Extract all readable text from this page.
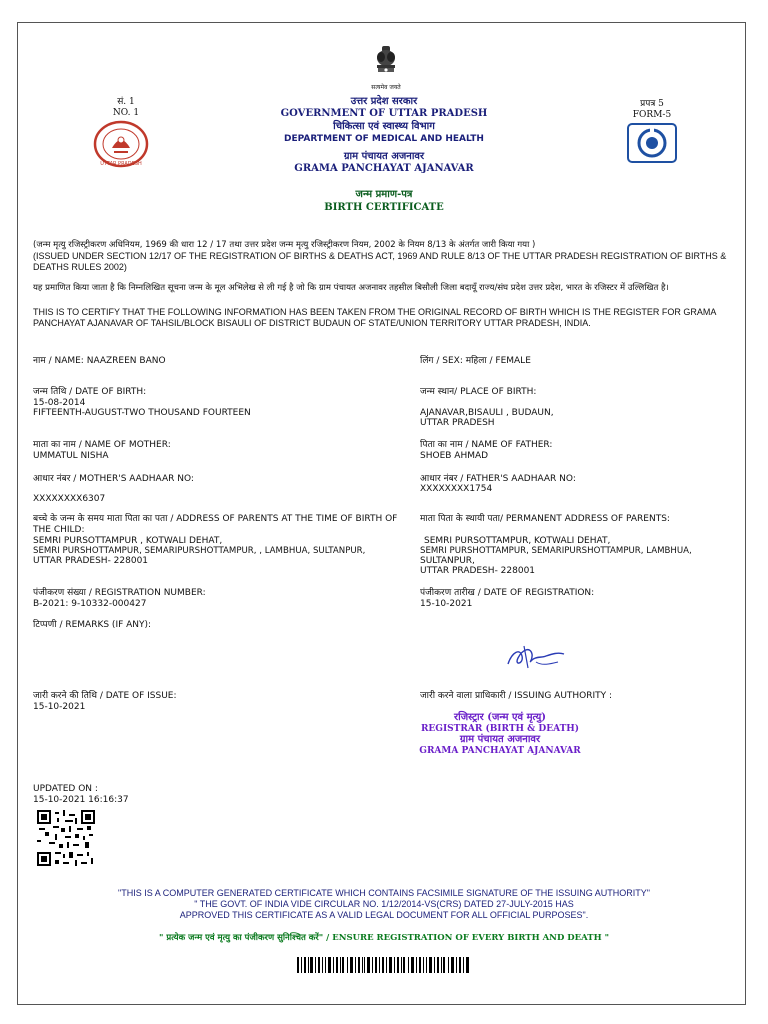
सत्यमेव जयते
सं. 1
NO. 1
UTTAR PRADESH
उत्तर प्रदेश सरकार
GOVERNMENT OF UTTAR PRADESH
चिकित्सा एवं स्वास्थ्य विभाग
DEPARTMENT OF MEDICAL AND HEALTH
ग्राम पंचायत अजनावर
GRAMA PANCHAYAT AJANAVAR
जन्म प्रमाण-पत्र
BIRTH CERTIFICATE
प्रपत्र 5
FORM-5
(जन्म मृत्यु रजिस्ट्रीकरण अधिनियम, 1969 की धारा 12 / 17 तथा उत्तर प्रदेश जन्म मृत्यु रजिस्ट्रीकरण नियम, 2002 के नियम 8/13 के अंतर्गत जारी किया गया )
(ISSUED UNDER SECTION 12/17 OF THE REGISTRATION OF BIRTHS & DEATHS ACT, 1969 AND RULE 8/13 OF THE UTTAR PRADESH REGISTRATION OF BIRTHS & DEATHS RULES 2002)
यह प्रमाणित किया जाता है कि निम्नलिखित सूचना जन्म के मूल अभिलेख से ली गई है जो कि ग्राम पंचायत अजनावर तहसील बिसौली जिला बदायूँ राज्य/संघ प्रदेश उत्तर प्रदेश, भारत के रजिस्टर में उल्लिखित है।
THIS IS TO CERTIFY THAT THE FOLLOWING INFORMATION HAS BEEN TAKEN FROM THE ORIGINAL RECORD OF BIRTH WHICH IS THE REGISTER FOR GRAMA PANCHAYAT AJANAVAR OF TAHSIL/BLOCK BISAULI OF DISTRICT BUDAUN OF STATE/UNION TERRITORY UTTAR PRADESH, INDIA.
नाम / NAME: NAAZREEN BANO
जन्म तिथि / DATE OF BIRTH:
15-08-2014
FIFTEENTH-AUGUST-TWO THOUSAND FOURTEEN
माता का नाम / NAME OF MOTHER:
UMMATUL NISHA
आधार नंबर / MOTHER'S AADHAAR NO:
XXXXXXXX6307
बच्चे के जन्म के समय माता पिता का पता / ADDRESS OF PARENTS AT THE TIME OF BIRTH OF THE CHILD:
SEMRI PURSOTTAMPUR , KOTWALI DEHAT,
SEMRI PURSHOTTAMPUR, SEMARIPURSHOTTAMPUR, , LAMBHUA, SULTANPUR,
UTTAR PRADESH- 228001
पंजीकरण संख्या / REGISTRATION NUMBER:
B-2021: 9-10332-000427
टिप्पणी / REMARKS (IF ANY):
जारी करने की तिथि / DATE OF ISSUE:
15-10-2021
लिंग / SEX: महिला / FEMALE
जन्म स्थान/ PLACE OF BIRTH:
AJANAVAR,BISAULI , BUDAUN,
UTTAR PRADESH
पिता का नाम / NAME OF FATHER:
SHOEB AHMAD
आधार नंबर / FATHER'S AADHAAR NO:
XXXXXXXX1754
माता पिता के स्थायी पता/ PERMANENT ADDRESS OF PARENTS:
SEMRI PURSOTTAMPUR, KOTWALI DEHAT,
SEMRI PURSHOTTAMPUR, SEMARIPURSHOTTAMPUR, LAMBHUA,
SULTANPUR,
UTTAR PRADESH- 228001
पंजीकरण तारीख / DATE OF REGISTRATION:
15-10-2021
जारी करने वाला प्राधिकारी / ISSUING AUTHORITY :
रजिस्ट्रार (जन्म एवं मृत्यु)
REGISTRAR (BIRTH & DEATH)
ग्राम पंचायत अजनावर
GRAMA PANCHAYAT AJANAVAR
UPDATED ON :
15-10-2021 16:16:37
"THIS IS A COMPUTER GENERATED CERTIFICATE WHICH CONTAINS FACSIMILE SIGNATURE OF THE ISSUING AUTHORITY"
" THE GOVT. OF INDIA VIDE CIRCULAR NO. 1/12/2014-VS(CRS) DATED 27-JULY-2015 HAS
APPROVED THIS CERTIFICATE AS A VALID LEGAL DOCUMENT FOR ALL OFFICIAL PURPOSES".
" प्रत्येक जन्म एवं मृत्यु का पंजीकरण सुनिश्चित करें" / ENSURE REGISTRATION OF EVERY BIRTH AND DEATH "
